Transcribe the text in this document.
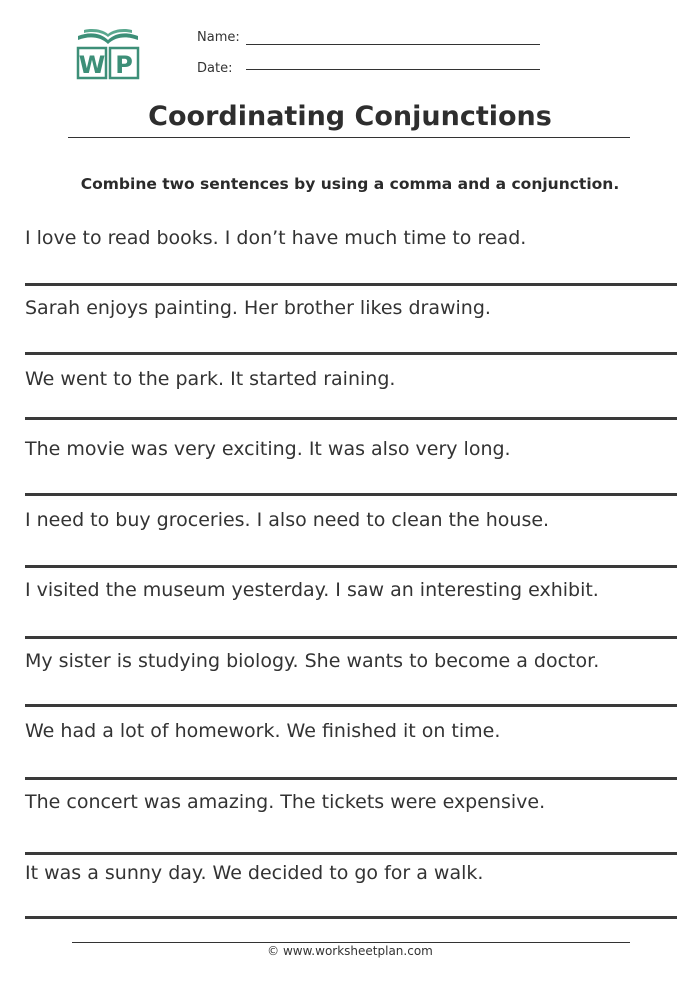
W P
Name:
Date:
Coordinating Conjunctions

Combine two sentences by using a comma and a conjunction.

I love to read books. I don’t have much time to read.

Sarah enjoys painting. Her brother likes drawing.

We went to the park. It started raining.

The movie was very exciting. It was also very long.

I need to buy groceries. I also need to clean the house.

I visited the museum yesterday. I saw an interesting exhibit.

My sister is studying biology. She wants to become a doctor.

We had a lot of homework. We finished it on time.

The concert was amazing. The tickets were expensive.

It was a sunny day. We decided to go for a walk.

© www.worksheetplan.com
